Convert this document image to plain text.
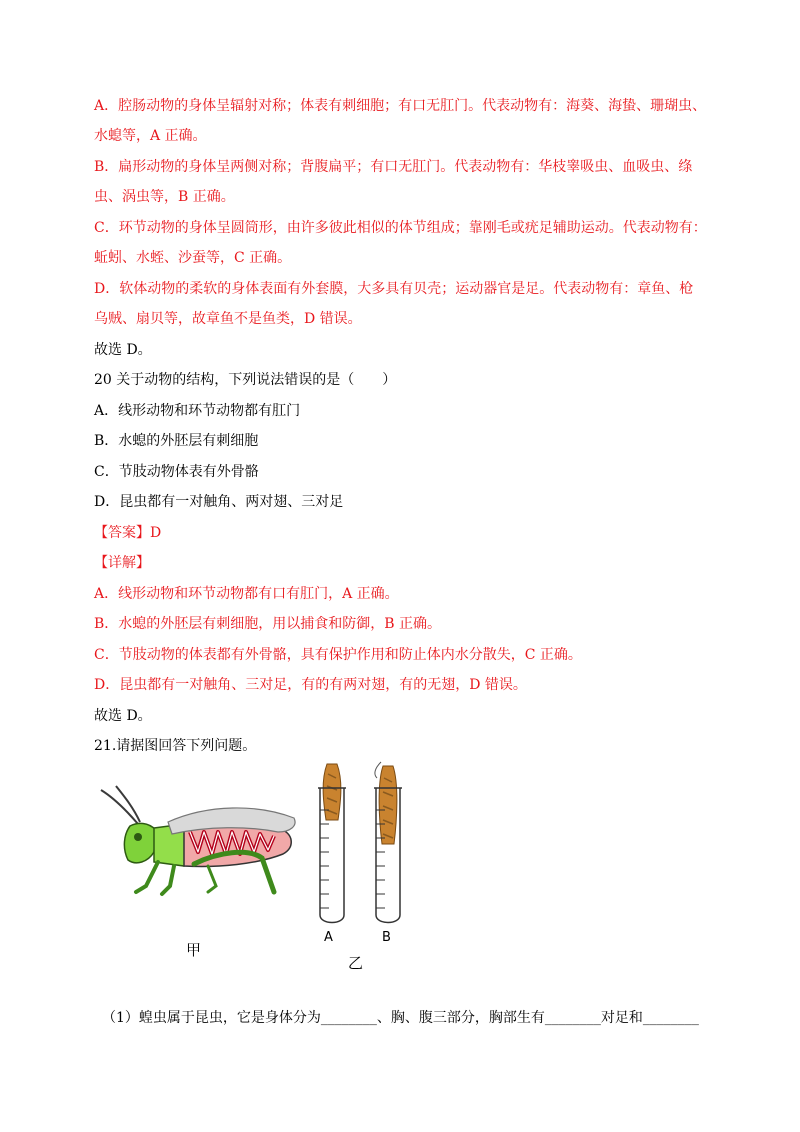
A．腔肠动物的身体呈辐射对称；体表有刺细胞；有口无肛门。代表动物有：海葵、海蛰、珊瑚虫、
水螅等，A 正确。
B．扁形动物的身体呈两侧对称；背腹扁平；有口无肛门。代表动物有：华枝睾吸虫、血吸虫、绦
虫、涡虫等，B 正确。
C．环节动物的身体呈圆筒形，由许多彼此相似的体节组成；靠刚毛或疣足辅助运动。代表动物有：
蚯蚓、水蛭、沙蚕等，C 正确。
D．软体动物的柔软的身体表面有外套膜，大多具有贝壳；运动器官是足。代表动物有：章鱼、枪
乌贼、扇贝等，故章鱼不是鱼类，D 错误。
故选 D。
20 关于动物的结构，下列说法错误的是（　　）
A．线形动物和环节动物都有肛门
B．水螅的外胚层有刺细胞
C．节肢动物体表有外骨骼
D．昆虫都有一对触角、两对翅、三对足
【答案】D
【详解】
A．线形动物和环节动物都有口有肛门，A 正确。
B．水螅的外胚层有刺细胞，用以捕食和防御，B 正确。
C．节肢动物的体表都有外骨骼，具有保护作用和防止体内水分散失，C 正确。
D．昆虫都有一对触角、三对足，有的有两对翅，有的无翅，D 错误。
故选 D。
21.请据图回答下列问题。
甲
A	B
乙
（1）蝗虫属于昆虫，它是身体分为________、胸、腹三部分，胸部生有________对足和________
